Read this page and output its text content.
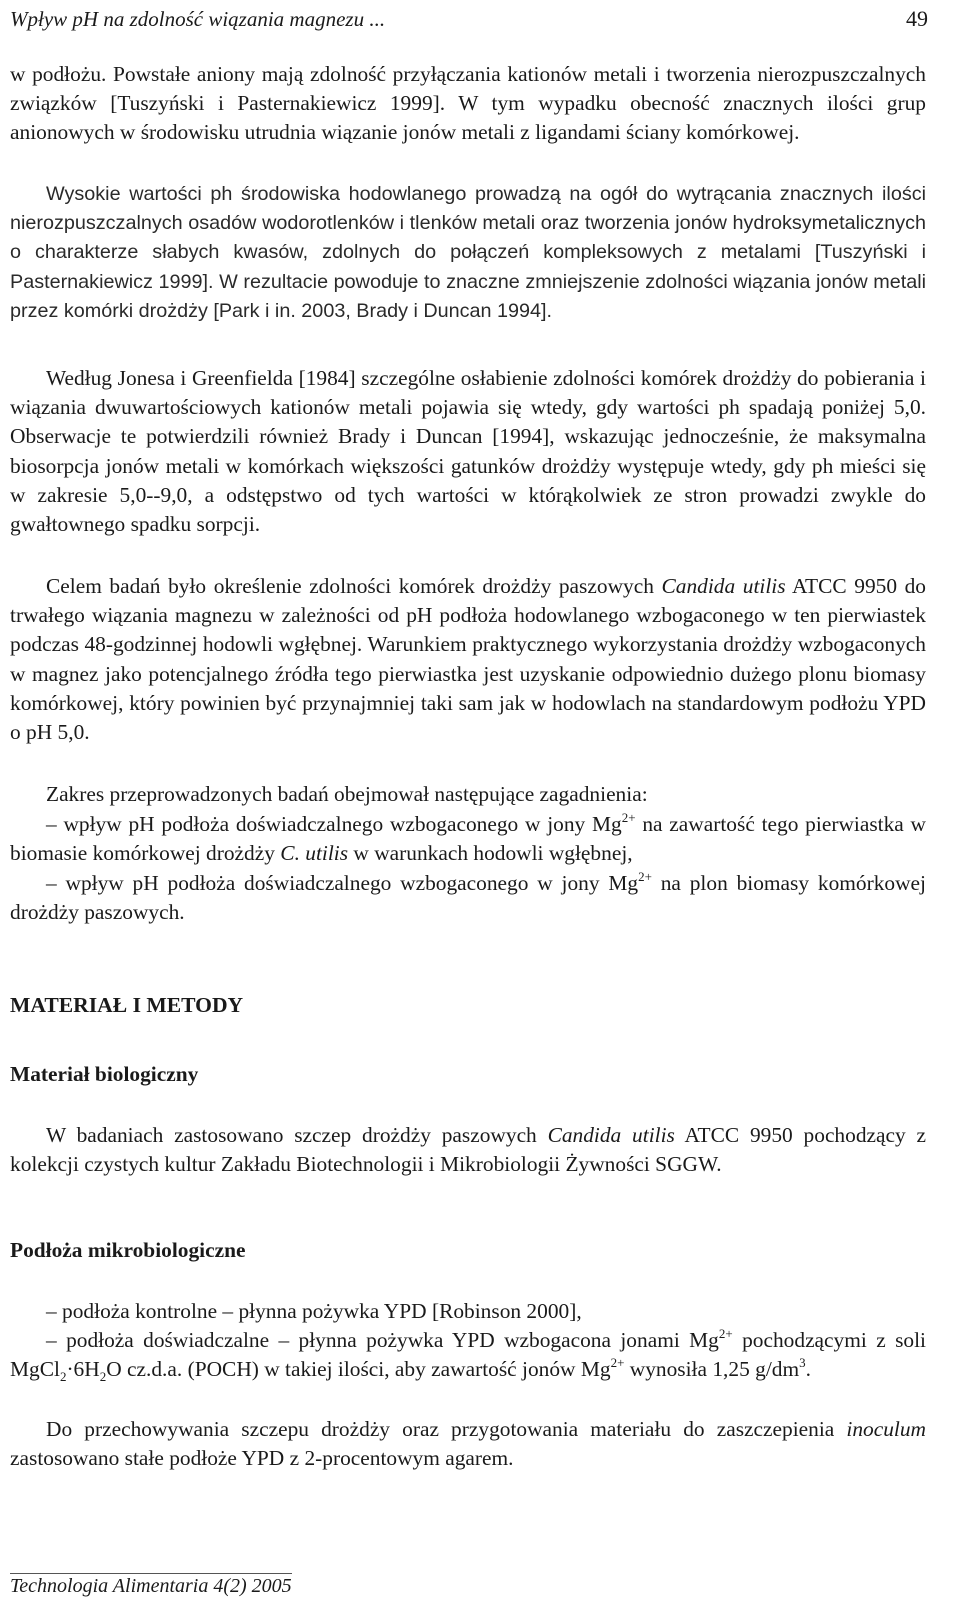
Wpływ pH na zdolność wiązania magnezu ...	49

w podłożu. Powstałe aniony mają zdolność przyłączania kationów metali i tworzenia nierozpuszczalnych związków [Tuszyński i Pasternakiewicz 1999]. W tym wypadku obecność znacznych ilości grup anionowych w środowisku utrudnia wiązanie jonów metali z ligandami ściany komórkowej.

Wysokie wartości ph środowiska hodowlanego prowadzą na ogół do wytrącania znacznych ilości nierozpuszczalnych osadów wodorotlenków i tlenków metali oraz tworzenia jonów hydroksymetalicznych o charakterze słabych kwasów, zdolnych do połączeń kompleksowych z metalami [Tuszyński i Pasternakiewicz 1999]. W rezultacie powoduje to znaczne zmniejszenie zdolności wiązania jonów metali przez komórki drożdży [Park i in. 2003, Brady i Duncan 1994].

Według Jonesa i Greenfielda [1984] szczególne osłabienie zdolności komórek drożdży do pobierania i wiązania dwuwartościowych kationów metali pojawia się wtedy, gdy wartości ph spadają poniżej 5,0. Obserwacje te potwierdzili również Brady i Duncan [1994], wskazując jednocześnie, że maksymalna biosorpcja jonów metali w komórkach większości gatunków drożdży występuje wtedy, gdy ph mieści się w zakresie 5,0--9,0, a odstępstwo od tych wartości w którąkolwiek ze stron prowadzi zwykle do gwałtownego spadku sorpcji.

Celem badań było określenie zdolności komórek drożdży paszowych Candida utilis ATCC 9950 do trwałego wiązania magnezu w zależności od pH podłoża hodowlanego wzbogaconego w ten pierwiastek podczas 48-godzinnej hodowli wgłębnej. Warunkiem praktycznego wykorzystania drożdży wzbogaconych w magnez jako potencjalnego źródła tego pierwiastka jest uzyskanie odpowiednio dużego plonu biomasy komórkowej, który powinien być przynajmniej taki sam jak w hodowlach na standardowym podłożu YPD o pH 5,0.

Zakres przeprowadzonych badań obejmował następujące zagadnienia:

– wpływ pH podłoża doświadczalnego wzbogaconego w jony $Mg^{2+}$ na zawartość tego pierwiastka w biomasie komórkowej drożdży C. utilis w warunkach hodowli wgłębnej,

– wpływ pH podłoża doświadczalnego wzbogaconego w jony $Mg^{2+}$ na plon biomasy komórkowej drożdży paszowych.

MATERIAŁ I METODY
Materiał biologiczny

W badaniach zastosowano szczep drożdży paszowych Candida utilis ATCC 9950 pochodzący z kolekcji czystych kultur Zakładu Biotechnologii i Mikrobiologii Żywności SGGW.

Podłoża mikrobiologiczne

– podłoża kontrolne – płynna pożywka YPD [Robinson 2000],

– podłoża doświadczalne – płynna pożywka YPD wzbogacona jonami $Mg^{2+}$ pochodzącymi z soli $MgCl_2\cdot 6H_2O$ cz.d.a. (POCH) w takiej ilości, aby zawartość jonów $Mg^{2+}$ wynosiła 1,25 $g/dm^3$.

Do przechowywania szczepu drożdży oraz przygotowania materiału do zaszczepienia inoculum zastosowano stałe podłoże YPD z 2-procentowym agarem.

Technologia Alimentaria 4(2) 2005
